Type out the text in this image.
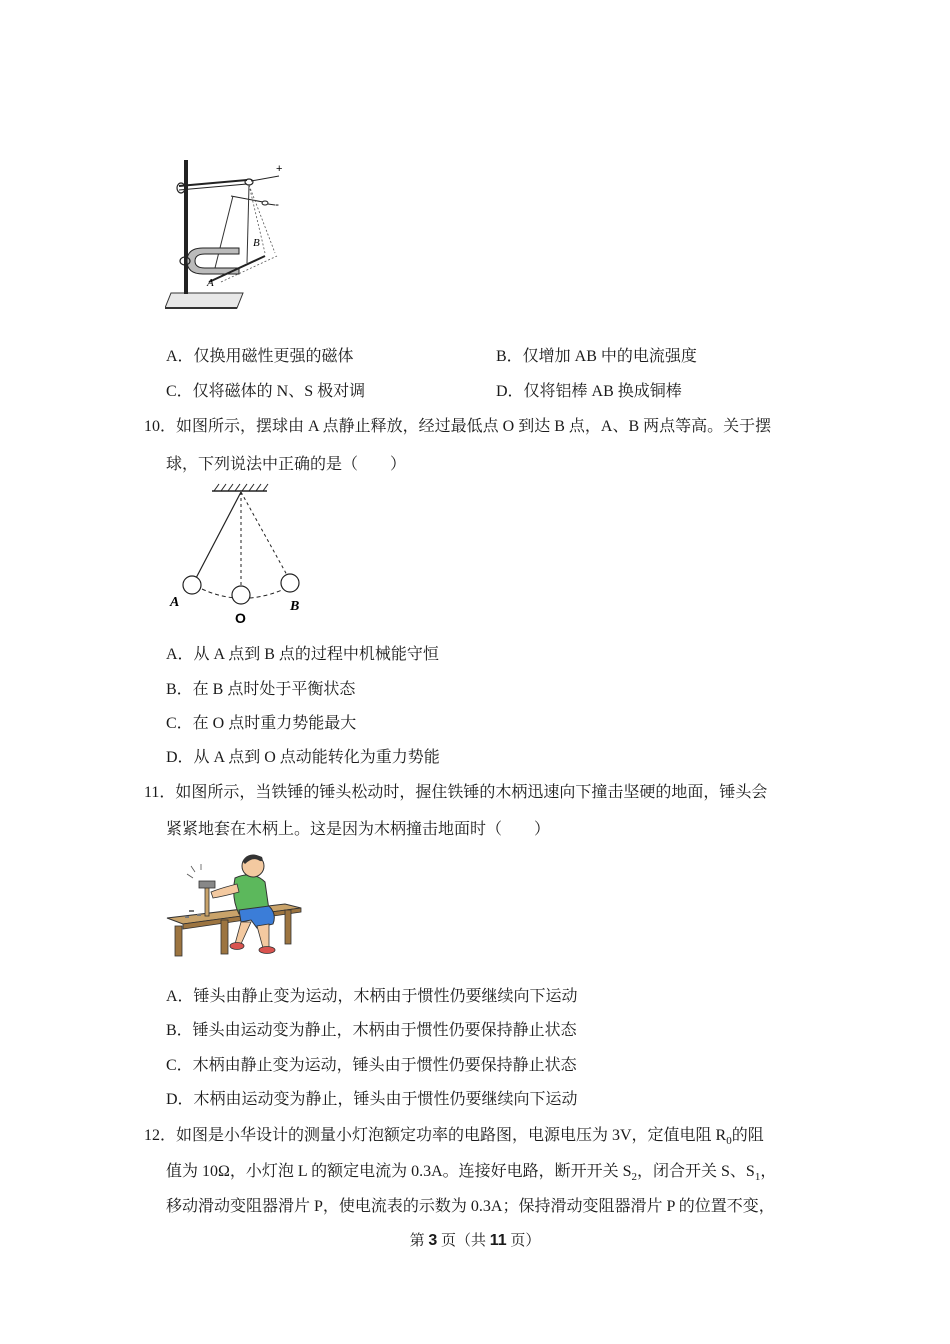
+
-
A
B
A．仅换用磁性更强的磁体	B．仅增加 AB 中的电流强度
C．仅将磁体的 N、S 极对调	D．仅将铝棒 AB 换成铜棒
10．如图所示，摆球由 A 点静止释放，经过最低点 O 到达 B 点，A、B 两点等高。关于摆
球，下列说法中正确的是（　　）
A
O
B
A．从 A 点到 B 点的过程中机械能守恒
B．在 B 点时处于平衡状态
C．在 O 点时重力势能最大
D．从 A 点到 O 点动能转化为重力势能
11．如图所示，当铁锤的锤头松动时，握住铁锤的木柄迅速向下撞击坚硬的地面，锤头会
紧紧地套在木柄上。这是因为木柄撞击地面时（　　）
A．锤头由静止变为运动，木柄由于惯性仍要继续向下运动
B．锤头由运动变为静止，木柄由于惯性仍要保持静止状态
C．木柄由静止变为运动，锤头由于惯性仍要保持静止状态
D．木柄由运动变为静止，锤头由于惯性仍要继续向下运动
12．如图是小华设计的测量小灯泡额定功率的电路图，电源电压为 3V，定值电阻 $R_0$的阻
值为 10Ω，小灯泡 L 的额定电流为 0.3A。连接好电路，断开开关 $S_2$，闭合开关 S、$S_1$，
移动滑动变阻器滑片 P，使电流表的示数为 0.3A；保持滑动变阻器滑片 P 的位置不变，
第 3 页（共 11 页）
